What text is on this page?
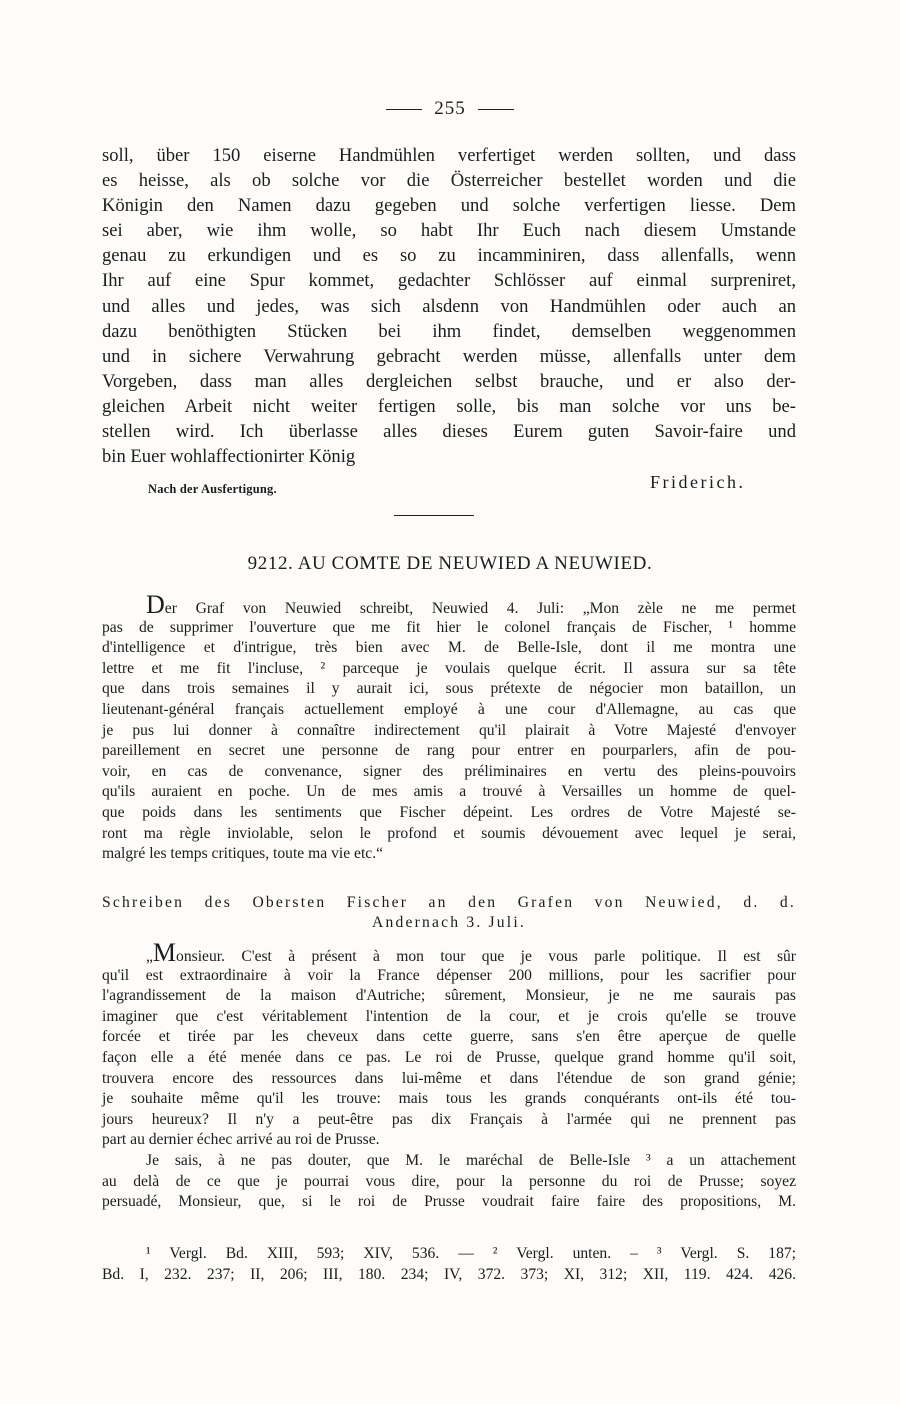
255
soll, über 150 eiserne Handmühlen verfertiget werden sollten, und dass
es heisse, als ob solche vor die Österreicher bestellet worden und die
Königin den Namen dazu gegeben und solche verfertigen liesse. Dem
sei aber, wie ihm wolle, so habt Ihr Euch nach diesem Umstande
genau zu erkundigen und es so zu incamminiren, dass allenfalls, wenn
Ihr auf eine Spur kommet, gedachter Schlösser auf einmal surpreniret,
und alles und jedes, was sich alsdenn von Handmühlen oder auch an
dazu benöthigten Stücken bei ihm findet, demselben weggenommen
und in sichere Verwahrung gebracht werden müsse, allenfalls unter dem
Vorgeben, dass man alles dergleichen selbst brauche, und er also der-
gleichen Arbeit nicht weiter fertigen solle, bis man solche vor uns be-
stellen wird. Ich überlasse alles dieses Eurem guten Savoir-faire und
bin Euer wohlaffectionirter König
Nach der Ausfertigung.	Friderich.
9212. AU COMTE DE NEUWIED A NEUWIED.
Der Graf von Neuwied schreibt, Neuwied 4. Juli: „Mon zèle ne me permet
pas de supprimer l'ouverture que me fit hier le colonel français de Fischer, ¹ homme
d'intelligence et d'intrigue, très bien avec M. de Belle-Isle, dont il me montra une
lettre et me fit l'incluse, ² parceque je voulais quelque écrit. Il assura sur sa tête
que dans trois semaines il y aurait ici, sous prétexte de négocier mon bataillon, un
lieutenant-général français actuellement employé à une cour d'Allemagne, au cas que
je pus lui donner à connaître indirectement qu'il plairait à Votre Majesté d'envoyer
pareillement en secret une personne de rang pour entrer en pourparlers, afin de pou-
voir, en cas de convenance, signer des préliminaires en vertu des pleins-pouvoirs
qu'ils auraient en poche. Un de mes amis a trouvé à Versailles un homme de quel-
que poids dans les sentiments que Fischer dépeint. Les ordres de Votre Majesté se-
ront ma règle inviolable, selon le profond et soumis dévouement avec lequel je serai,
malgré les temps critiques, toute ma vie etc.“
Schreiben des Obersten Fischer an den Grafen von Neuwied, d. d.
Andernach 3. Juli.
„Monsieur. C'est à présent à mon tour que je vous parle politique. Il est sûr
qu'il est extraordinaire à voir la France dépenser 200 millions, pour les sacrifier pour
l'agrandissement de la maison d'Autriche; sûrement, Monsieur, je ne me saurais pas
imaginer que c'est véritablement l'intention de la cour, et je crois qu'elle se trouve
forcée et tirée par les cheveux dans cette guerre, sans s'en être aperçue de quelle
façon elle a été menée dans ce pas. Le roi de Prusse, quelque grand homme qu'il soit,
trouvera encore des ressources dans lui-même et dans l'étendue de son grand génie;
je souhaite même qu'il les trouve: mais tous les grands conquérants ont-ils été tou-
jours heureux? Il n'y a peut-être pas dix Français à l'armée qui ne prennent pas
part au dernier échec arrivé au roi de Prusse.
Je sais, à ne pas douter, que M. le maréchal de Belle-Isle ³ a un attachement
au delà de ce que je pourrai vous dire, pour la personne du roi de Prusse; soyez
persuadé, Monsieur, que, si le roi de Prusse voudrait faire faire des propositions, M.
¹ Vergl. Bd. XIII, 593; XIV, 536. — ² Vergl. unten. – ³ Vergl. S. 187;
Bd. I, 232. 237; II, 206; III, 180. 234; IV, 372. 373; XI, 312; XII, 119. 424. 426.
